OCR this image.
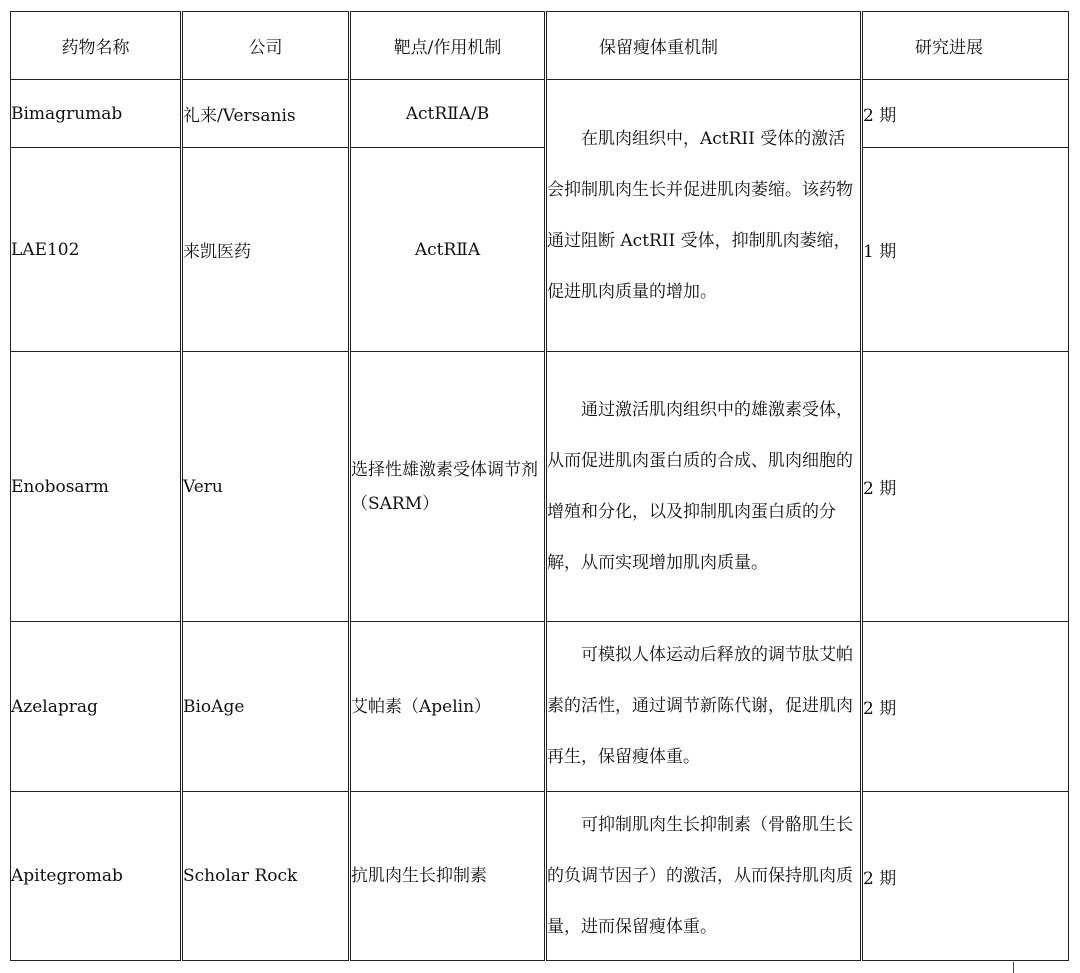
药物名称	公司	靶点/作用机制	保留瘦体重机制	研究进展
Bimagrumab	礼来/Versanis	ActRⅡA/B	在肌肉组织中，ActRII 受体的激活会抑制肌肉生长并促进肌肉萎缩。该药物通过阻断 ActRII 受体，抑制肌肉萎缩，促进肌肉质量的增加。	2 期
LAE102	来凯医药	ActRⅡA		1 期
Enobosarm	Veru	选择性雄激素受体调节剂（SARM）	通过激活肌肉组织中的雄激素受体，从而促进肌肉蛋白质的合成、肌肉细胞的增殖和分化，以及抑制肌肉蛋白质的分解，从而实现增加肌肉质量。	2 期
Azelaprag	BioAge	艾帕素（Apelin）	可模拟人体运动后释放的调节肽艾帕素的活性，通过调节新陈代谢，促进肌肉再生，保留瘦体重。	2 期
Apitegromab	Scholar Rock	抗肌肉生长抑制素	可抑制肌肉生长抑制素（骨骼肌生长的负调节因子）的激活，从而保持肌肉质量，进而保留瘦体重。	2 期
